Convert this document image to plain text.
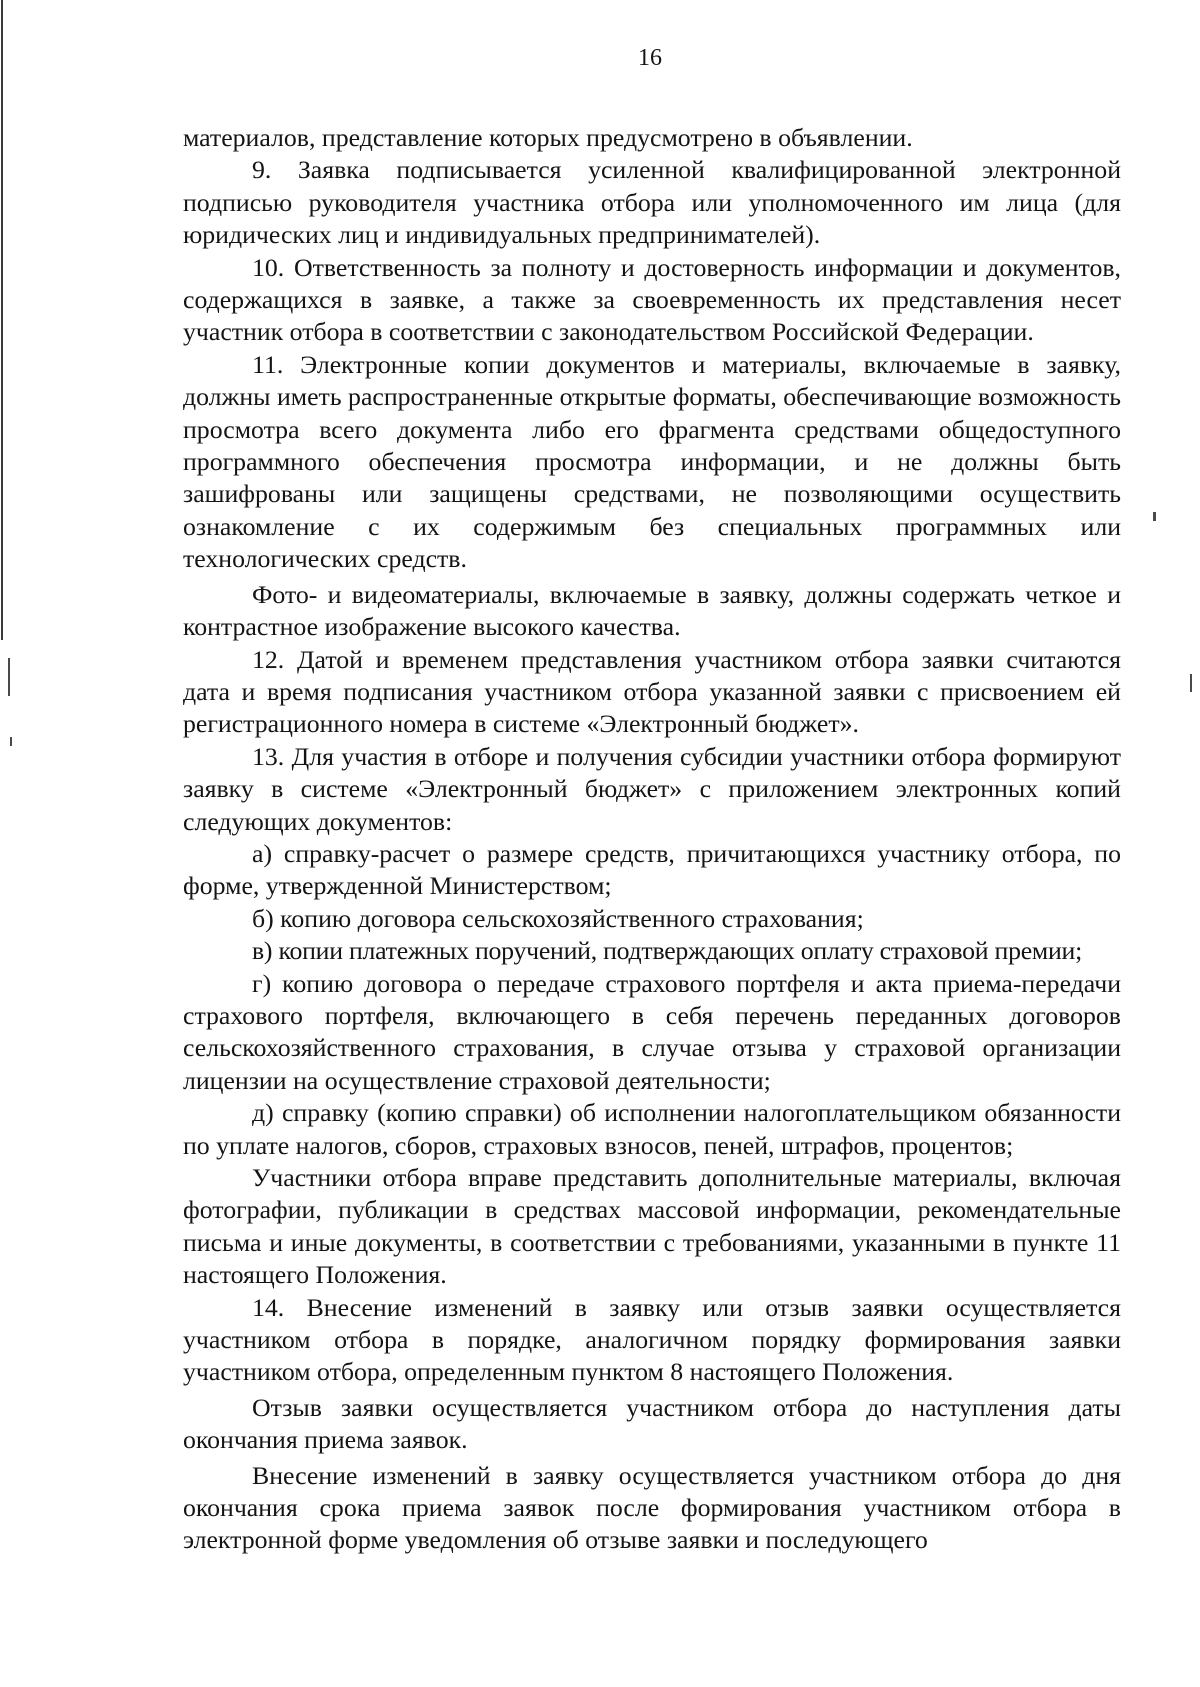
16

материалов, представление которых предусмотрено в объявлении.

9. Заявка подписывается усиленной квалифицированной электронной подписью руководителя участника отбора или уполномоченного им лица (для юридических лиц и индивидуальных предпринимателей).

10. Ответственность за полноту и достоверность информации и документов, содержащихся в заявке, а также за своевременность их представления несет участник отбора в соответствии с законодательством Российской Федерации.

11. Электронные копии документов и материалы, включаемые в заявку, должны иметь распространенные открытые форматы, обеспечивающие возможность просмотра всего документа либо его фрагмента средствами общедоступного программного обеспечения просмотра информации, и не должны быть зашифрованы или защищены средствами, не позволяющими осуществить ознакомление с их содержимым без специальных программных или технологических средств.

Фото- и видеоматериалы, включаемые в заявку, должны содержать четкое и контрастное изображение высокого качества.

12. Датой и временем представления участником отбора заявки считаются дата и время подписания участником отбора указанной заявки с присвоением ей регистрационного номера в системе «Электронный бюджет».

13. Для участия в отборе и получения субсидии участники отбора формируют заявку в системе «Электронный бюджет» с приложением электронных копий следующих документов:

а) справку-расчет о размере средств, причитающихся участнику отбора, по форме, утвержденной Министерством;

б) копию договора сельскохозяйственного страхования;

в) копии платежных поручений, подтверждающих оплату страховой премии;

г) копию договора о передаче страхового портфеля и акта приема-передачи страхового портфеля, включающего в себя перечень переданных договоров сельскохозяйственного страхования, в случае отзыва у страховой организации лицензии на осуществление страховой деятельности;

д) справку (копию справки) об исполнении налогоплательщиком обязанности по уплате налогов, сборов, страховых взносов, пеней, штрафов, процентов;

Участники отбора вправе представить дополнительные материалы, включая фотографии, публикации в средствах массовой информации, рекомендательные письма и иные документы, в соответствии с требованиями, указанными в пункте 11 настоящего Положения.

14. Внесение изменений в заявку или отзыв заявки осуществляется участником отбора в порядке, аналогичном порядку формирования заявки участником отбора, определенным пунктом 8 настоящего Положения.

Отзыв заявки осуществляется участником отбора до наступления даты окончания приема заявок.

Внесение изменений в заявку осуществляется участником отбора до дня окончания срока приема заявок после формирования участником отбора в электронной форме уведомления об отзыве заявки и последующего
